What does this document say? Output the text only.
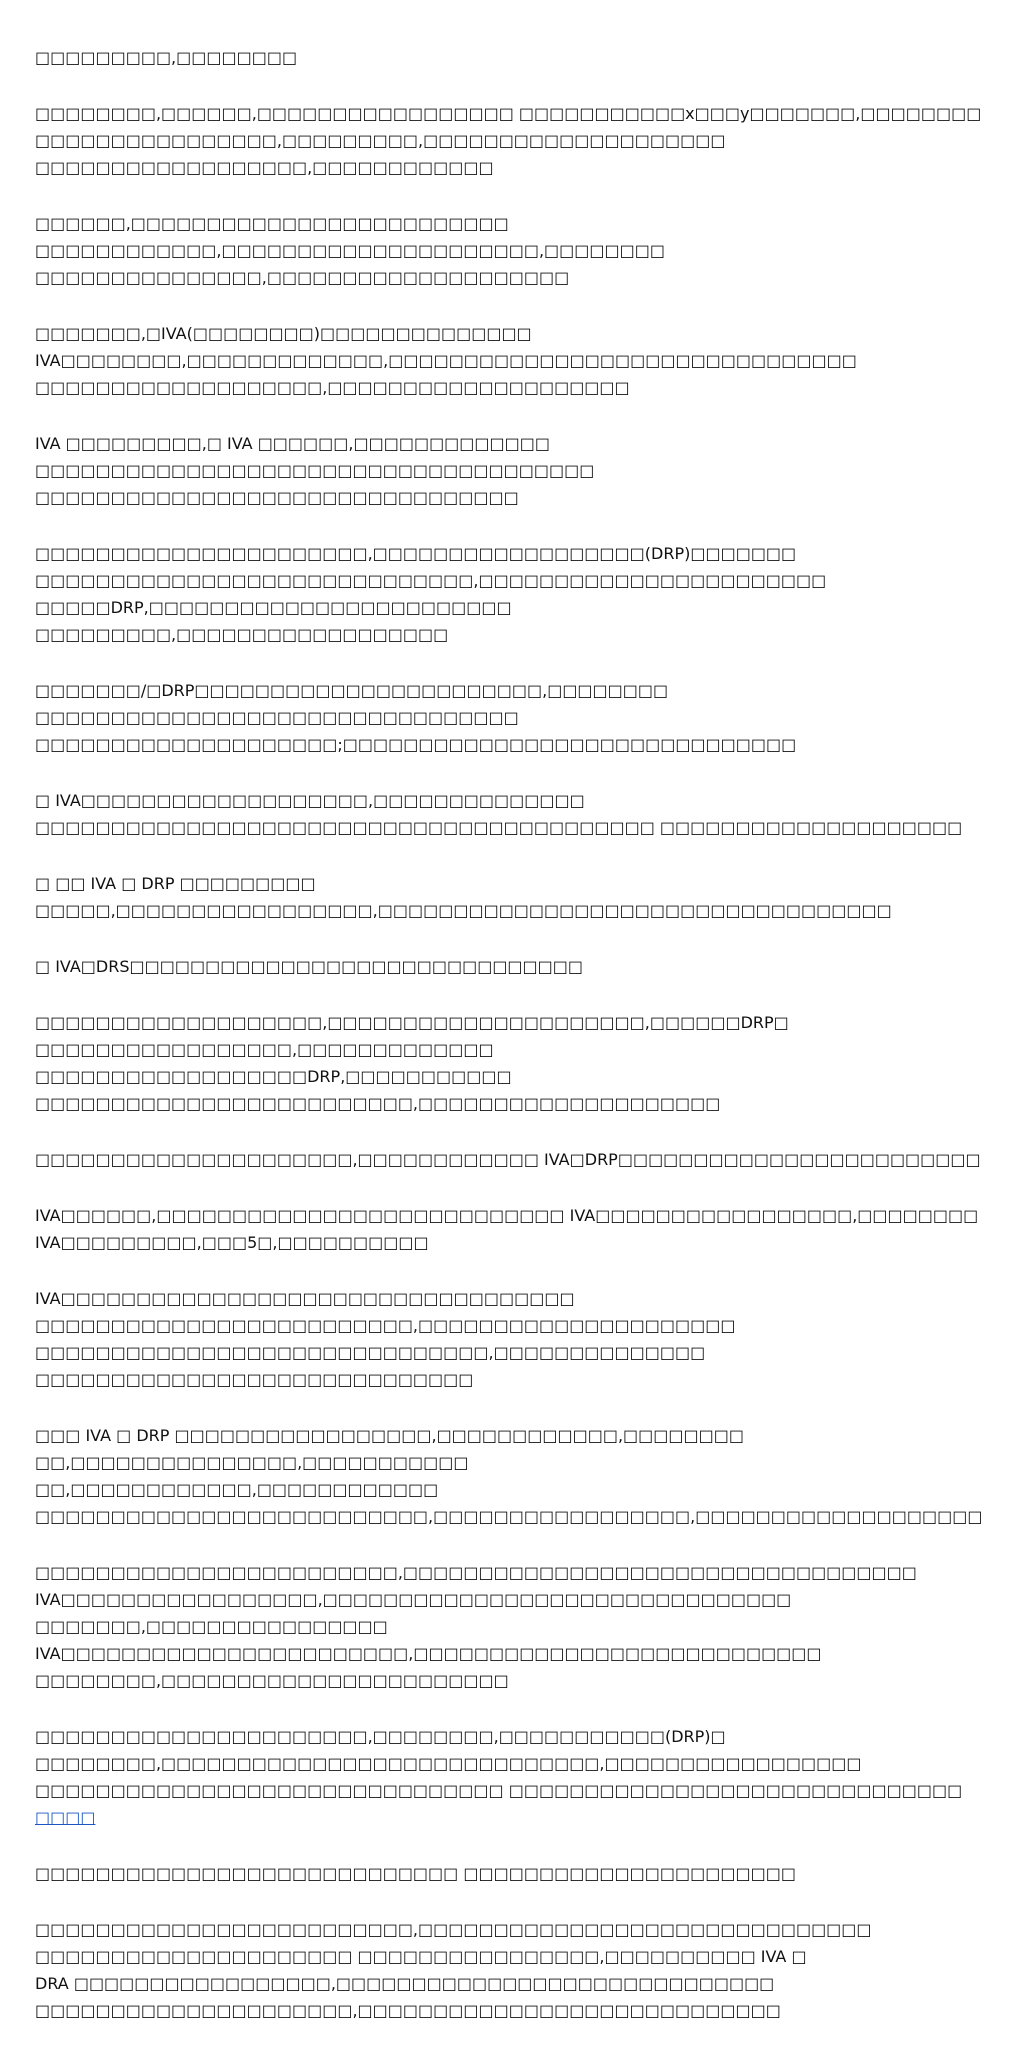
□□□□□□□□□,□□□□□□□□

□□□□□□□□,□□□□□□,□□□□□□□□□□□□□□□□□ □□□□□□□□□□□x□□□y□□□□□□□,□□□□□□□□
□□□□□□□□□□□□□□□□,□□□□□□□□□,□□□□□□□□□□□□□□□□□□□□ □□□□□□□□□□□□□□□□□□,□□□□□□□□□□□□

□□□□□□,□□□□□□□□□□□□□□□□□□□□□□□□□ □□□□□□□□□□□□,□□□□□□□□□□□□□□□□□□□□□,□□□□□□□□
□□□□□□□□□□□□□□□,□□□□□□□□□□□□□□□□□□□□

□□□□□□□,□IVA(□□□□□□□□)□□□□□□□□□□□□□□ IVA□□□□□□□□,□□□□□□□□□□□□□,□□□□□□□□□□□□□□□□□□□□□□□□□□□□□□□
□□□□□□□□□□□□□□□□□□□,□□□□□□□□□□□□□□□□□□□□

IVA □□□□□□□□□,□ IVA □□□□□□,□□□□□□□□□□□□□ □□□□□□□□□□□□□□□□□□□□□□□□□□□□□□□□□□□□□ □□□□□□□□□□□□□□□□□□□□□□□□□□□□□□□□

□□□□□□□□□□□□□□□□□□□□□□,□□□□□□□□□□□□□□□□□□(DRP)□□□□□□□
□□□□□□□□□□□□□□□□□□□□□□□□□□□□□,□□□□□□□□□□□□□□□□□□□□□□□ □□□□□DRP,□□□□□□□□□□□□□□□□□□□□□□□□
□□□□□□□□□,□□□□□□□□□□□□□□□□□□

□□□□□□□/□DRP□□□□□□□□□□□□□□□□□□□□□□□,□□□□□□□□ □□□□□□□□□□□□□□□□□□□□□□□□□□□□□□□□
□□□□□□□□□□□□□□□□□□□□;□□□□□□□□□□□□□□□□□□□□□□□□□□□□□□

□ IVA□□□□□□□□□□□□□□□□□□□,□□□□□□□□□□□□□□ □□□□□□□□□□□□□□□□□□□□□□□□□□□□□□□□□□□□□□□□□ □□□□□□□□□□□□□□□□□□□□

□ □□ IVA □ DRP □□□□□□□□□ □□□□□,□□□□□□□□□□□□□□□□□,□□□□□□□□□□□□□□□□□□□□□□□□□□□□□□□□□□

□ IVA□DRS□□□□□□□□□□□□□□□□□□□□□□□□□□□□□□

□□□□□□□□□□□□□□□□□□□,□□□□□□□□□□□□□□□□□□□□□,□□□□□□DRP□ □□□□□□□□□□□□□□□□□,□□□□□□□□□□□□□
□□□□□□□□□□□□□□□□□□DRP,□□□□□□□□□□□ □□□□□□□□□□□□□□□□□□□□□□□□□,□□□□□□□□□□□□□□□□□□□□

□□□□□□□□□□□□□□□□□□□□□,□□□□□□□□□□□□ IVA□DRP□□□□□□□□□□□□□□□□□□□□□□□□

IVA□□□□□□,□□□□□□□□□□□□□□□□□□□□□□□□□□□ IVA□□□□□□□□□□□□□□□□□,□□□□□□□□ IVA□□□□□□□□□,□□□5□,□□□□□□□□□□

IVA□□□□□□□□□□□□□□□□□□□□□□□□□□□□□□□□□□ □□□□□□□□□□□□□□□□□□□□□□□□□,□□□□□□□□□□□□□□□□□□□□□
□□□□□□□□□□□□□□□□□□□□□□□□□□□□□□,□□□□□□□□□□□□□□ □□□□□□□□□□□□□□□□□□□□□□□□□□□□□

□□□ IVA □ DRP □□□□□□□□□□□□□□□□□,□□□□□□□□□□□□,□□□□□□□□ □□,□□□□□□□□□□□□□□□,□□□□□□□□□□□
□□,□□□□□□□□□□□□,□□□□□□□□□□□□ □□□□□□□□□□□□□□□□□□□□□□□□□□,□□□□□□□□□□□□□□□□□,□□□□□□□□□□□□□□□□□□□

□□□□□□□□□□□□□□□□□□□□□□□□,□□□□□□□□□□□□□□□□□□□□□□□□□□□□□□□□□□ IVA□□□□□□□□□□□□□□□□□,□□□□□□□□□□□□□□□□□□□□□□□□□□□□□□□
□□□□□□□,□□□□□□□□□□□□□□□□ IVA□□□□□□□□□□□□□□□□□□□□□□□,□□□□□□□□□□□□□□□□□□□□□□□□□□□
□□□□□□□□,□□□□□□□□□□□□□□□□□□□□□□□

□□□□□□□□□□□□□□□□□□□□□□,□□□□□□□□,□□□□□□□□□□□(DRP)□ □□□□□□□□,□□□□□□□□□□□□□□□□□□□□□□□□□□□□□,□□□□□□□□□□□□□□□□□
□□□□□□□□□□□□□□□□□□□□□□□□□□□□□□□ □□□□□□□□□□□□□□□□□□□□□□□□□□□□□□ □□□□

□□□□□□□□□□□□□□□□□□□□□□□□□□□□ □□□□□□□□□□□□□□□□□□□□□□

□□□□□□□□□□□□□□□□□□□□□□□□□,□□□□□□□□□□□□□□□□□□□□□□□□□□□□□□ □□□□□□□□□□□□□□□□□□□□□ □□□□□□□□□□□□□□□□,□□□□□□□□□□ IVA □
DRA □□□□□□□□□□□□□□□□□,□□□□□□□□□□□□□□□□□□□□□□□□□□□□□ □□□□□□□□□□□□□□□□□□□□□,□□□□□□□□□□□□□□□□□□□□□□□□□□□□
